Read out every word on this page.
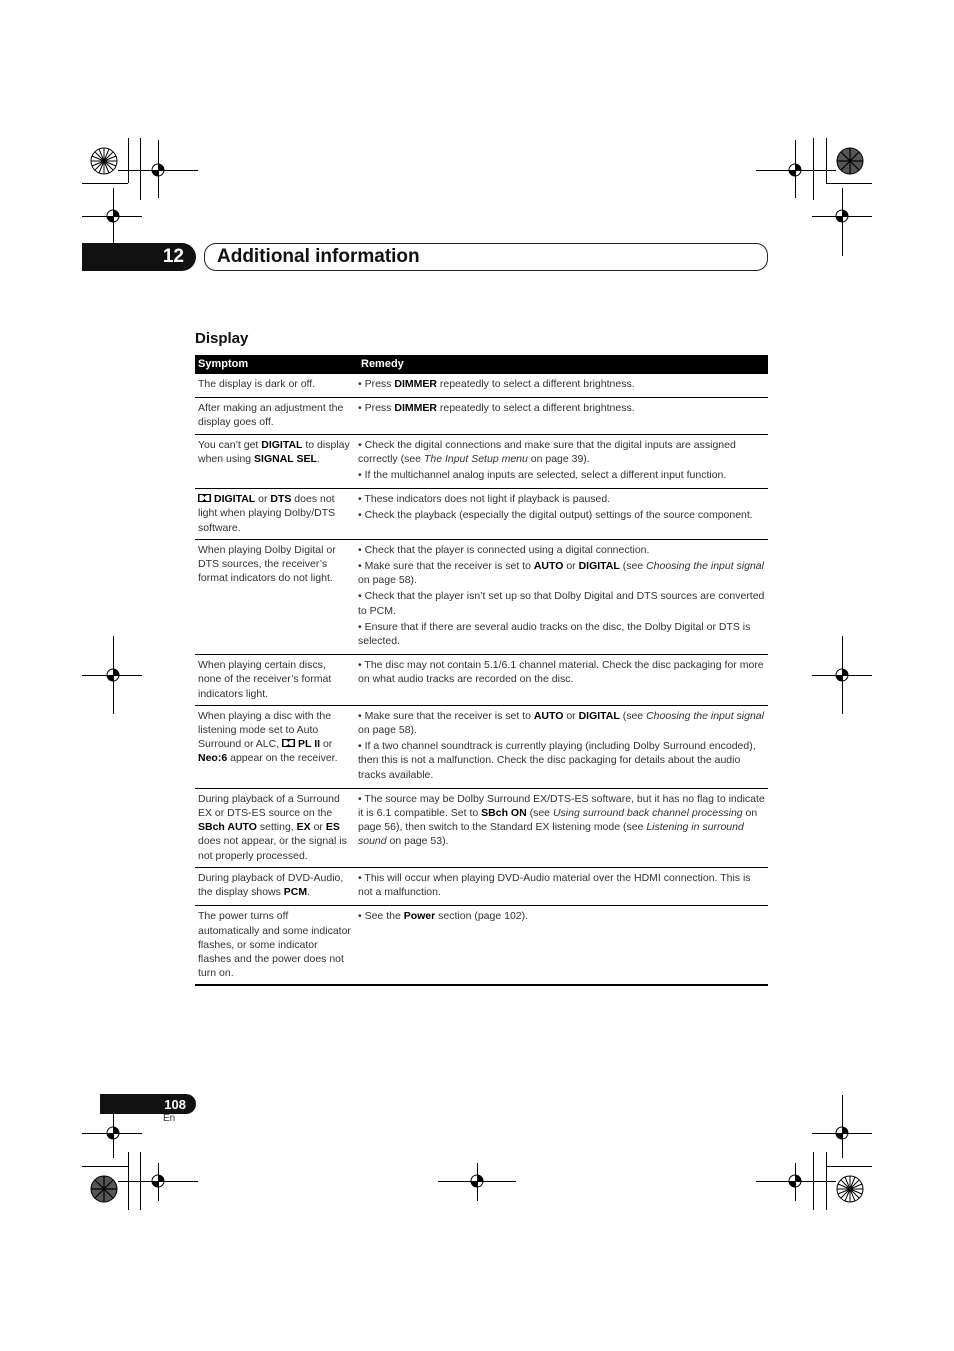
12	Additional information
Display
Symptom	Remedy
The display is dark or off.	• Press DIMMER repeatedly to select a different brightness.

After making an adjustment the display goes off.	• Press DIMMER repeatedly to select a different brightness.

You can’t get DIGITAL to display when using SIGNAL SEL.	• Check the digital connections and make sure that the digital inputs are assigned correctly (see The Input Setup menu on page 39).
• If the multichannel analog inputs are selected, select a different input function.

DIGITAL or DTS does not light when playing Dolby/DTS software.	• These indicators does not light if playback is paused.
• Check the playback (especially the digital output) settings of the source component.

When playing Dolby Digital or DTS sources, the receiver’s format indicators do not light.	• Check that the player is connected using a digital connection.
• Make sure that the receiver is set to AUTO or DIGITAL (see Choosing the input signal on page 58).
• Check that the player isn’t set up so that Dolby Digital and DTS sources are converted to PCM.
• Ensure that if there are several audio tracks on the disc, the Dolby Digital or DTS is selected.

When playing certain discs, none of the receiver’s format indicators light.	• The disc may not contain 5.1/6.1 channel material. Check the disc packaging for more on what audio tracks are recorded on the disc.

When playing a disc with the listening mode set to Auto Surround or ALC, PL II or Neo:6 appear on the receiver.	• Make sure that the receiver is set to AUTO or DIGITAL (see Choosing the input signal on page 58).
• If a two channel soundtrack is currently playing (including Dolby Surround encoded), then this is not a malfunction. Check the disc packaging for details about the audio tracks available.

During playback of a Surround EX or DTS-ES source on the SBch AUTO setting, EX or ES does not appear, or the signal is not properly processed.	• The source may be Dolby Surround EX/DTS-ES software, but it has no flag to indicate it is 6.1 compatible. Set to SBch ON (see Using surround back channel processing on page 56), then switch to the Standard EX listening mode (see Listening in surround sound on page 53).

During playback of DVD-Audio, the display shows PCM.	• This will occur when playing DVD-Audio material over the HDMI connection. This is not a malfunction.

The power turns off automatically and some indicator flashes, or some indicator flashes and the power does not turn on.	• See the Power section (page 102).
108
En
